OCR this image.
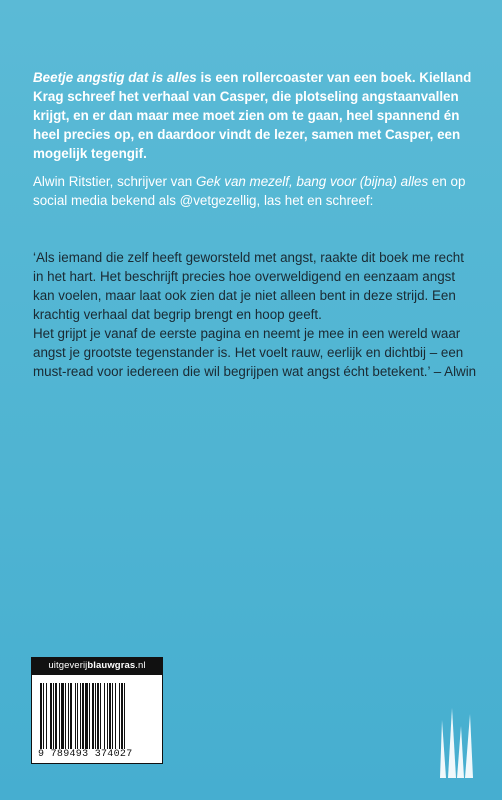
Beetje angstig dat is alles is een rollercoaster van een boek. Kielland Krag schreef het verhaal van Casper, die plotseling angstaanvallen krijgt, en er dan maar mee moet zien om te gaan, heel spannend én heel precies op, en daardoor vindt de lezer, samen met Casper, een mogelijk tegengif.
Alwin Ritstier, schrijver van Gek van mezelf, bang voor (bijna) alles en op social media bekend als @vetgezellig, las het en schreef:

‘Als iemand die zelf heeft geworsteld met angst, raakte dit boek me recht in het hart. Het beschrijft precies hoe overweldigend en eenzaam angst kan voelen, maar laat ook zien dat je niet alleen bent in deze strijd. Een krachtig verhaal dat begrip brengt en hoop geeft.

Het grijpt je vanaf de eerste pagina en neemt je mee in een wereld waar angst je grootste tegenstander is. Het voelt rauw, eerlijk en dichtbij – een must-read voor iedereen die wil begrijpen wat angst écht betekent.’ – Alwin

uitgeverijblauwgras.nl
9 789493 374027
